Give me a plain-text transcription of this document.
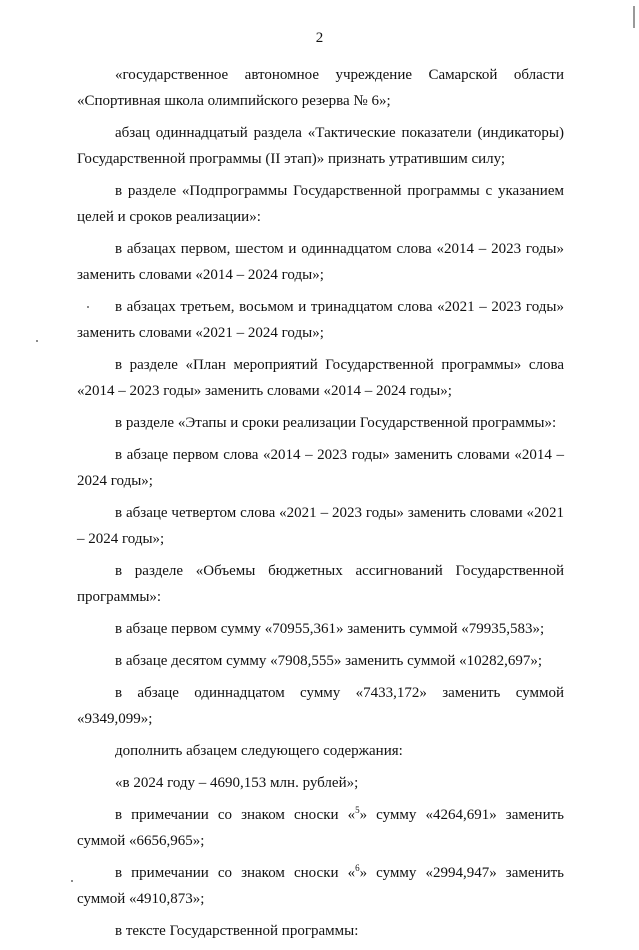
2

«государственное автономное учреждение Самарской области «Спортивная школа олимпийского резерва № 6»;

абзац одиннадцатый раздела «Тактические показатели (индикаторы) Государственной программы (II этап)» признать утратившим силу;

в разделе «Подпрограммы Государственной программы с указанием целей и сроков реализации»:

в абзацах первом, шестом и одиннадцатом слова «2014 – 2023 годы» заменить словами «2014 – 2024 годы»;

в абзацах третьем, восьмом и тринадцатом слова «2021 – 2023 годы» заменить словами «2021 – 2024 годы»;

в разделе «План мероприятий Государственной программы» слова «2014 – 2023 годы» заменить словами «2014 – 2024 годы»;

в разделе «Этапы и сроки реализации Государственной программы»:

в абзаце первом слова «2014 – 2023 годы» заменить словами «2014 – 2024 годы»;

в абзаце четвертом слова «2021 – 2023 годы» заменить словами «2021 – 2024 годы»;

в разделе «Объемы бюджетных ассигнований Государственной программы»:

в абзаце первом сумму «70955,361» заменить суммой «79935,583»;

в абзаце десятом сумму «7908,555» заменить суммой «10282,697»;

в абзаце одиннадцатом сумму «7433,172» заменить суммой «9349,099»;

дополнить абзацем следующего содержания:

«в 2024 году – 4690,153 млн. рублей»;

в примечании со знаком сноски «$^5$» сумму «4264,691» заменить суммой «6656,965»;

в примечании со знаком сноски «$^6$» сумму «2994,947» заменить суммой «4910,873»;

в тексте Государственной программы:
